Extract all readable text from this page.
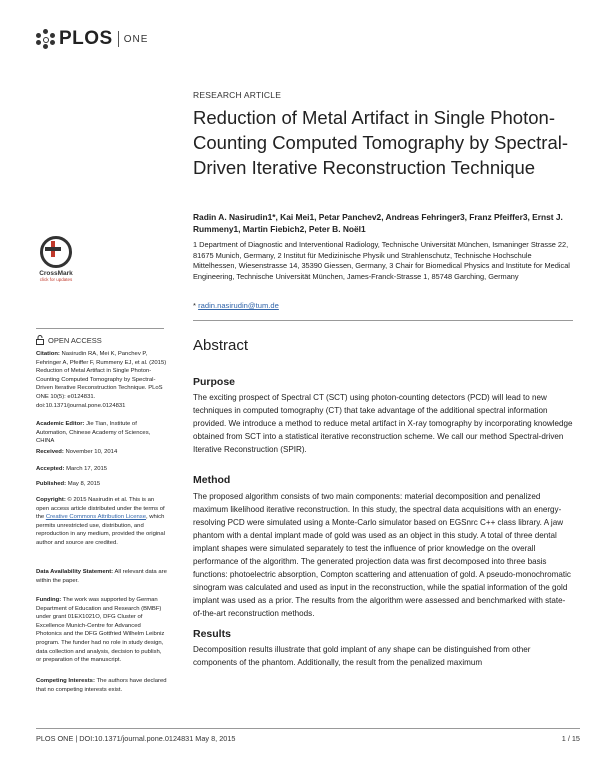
PLOS ONE
CrossMark
click for updates
RESEARCH ARTICLE
Reduction of Metal Artifact in Single Photon-Counting Computed Tomography by Spectral-Driven Iterative Reconstruction Technique
Radin A. Nasirudin1*, Kai Mei1, Petar Panchev2, Andreas Fehringer3, Franz Pfeiffer3, Ernst J. Rummeny1, Martin Fiebich2, Peter B. Noël1
1 Department of Diagnostic and Interventional Radiology, Technische Universität München, Ismaninger Strasse 22, 81675 Munich, Germany, 2 Institut für Medizinische Physik und Strahlenschutz, Technische Hochschule Mittelhessen, Wiesenstrasse 14, 35390 Giessen, Germany, 3 Chair for Biomedical Physics and Institute for Medical Engineering, Technische Universität München, James-Franck-Strasse 1, 85748 Garching, Germany
* radin.nasirudin@tum.de
OPEN ACCESS
Citation: Nasirudin RA, Mei K, Panchev P, Fehringer A, Pfeiffer F, Rummeny EJ, et al. (2015) Reduction of Metal Artifact in Single Photon-Counting Computed Tomography by Spectral-Driven Iterative Reconstruction Technique. PLoS ONE 10(5): e0124831. doi:10.1371/journal.pone.0124831
Academic Editor: Jie Tian, Institute of Automation, Chinese Academy of Sciences, CHINA
Received: November 10, 2014
Accepted: March 17, 2015
Published: May 8, 2015
Copyright: © 2015 Nasirudin et al. This is an open access article distributed under the terms of the Creative Commons Attribution License, which permits unrestricted use, distribution, and reproduction in any medium, provided the original author and source are credited.
Data Availability Statement: All relevant data are within the paper.
Funding: The work was supported by German Department of Education and Research (BMBF) under grant 01EX1021O, DFG Cluster of Excellence Munich-Centre for Advanced Photonics and the DFG Gottfried Wilhelm Leibniz program. The funder had no role in study design, data collection and analysis, decision to publish, or preparation of the manuscript.
Competing Interests: The authors have declared that no competing interests exist.
Abstract
Purpose
The exciting prospect of Spectral CT (SCT) using photon-counting detectors (PCD) will lead to new techniques in computed tomography (CT) that take advantage of the additional spectral information provided. We introduce a method to reduce metal artifact in X-ray tomography by incorporating knowledge obtained from SCT into a statistical iterative reconstruction scheme. We call our method Spectral-driven Iterative Reconstruction (SPIR).
Method
The proposed algorithm consists of two main components: material decomposition and penalized maximum likelihood iterative reconstruction. In this study, the spectral data acquisitions with an energy-resolving PCD were simulated using a Monte-Carlo simulator based on EGSnrc C++ class library. A jaw phantom with a dental implant made of gold was used as an object in this study. A total of three dental implant shapes were simulated separately to test the influence of prior knowledge on the overall performance of the algorithm. The generated projection data was first decomposed into three basis functions: photoelectric absorption, Compton scattering and attenuation of gold. A pseudo-monochromatic sinogram was calculated and used as input in the reconstruction, while the spatial information of the gold implant was used as a prior. The results from the algorithm were assessed and benchmarked with state-of-the-art reconstruction methods.
Results
Decomposition results illustrate that gold implant of any shape can be distinguished from other components of the phantom. Additionally, the result from the penalized maximum
PLOS ONE | DOI:10.1371/journal.pone.0124831 May 8, 2015	1 / 15
